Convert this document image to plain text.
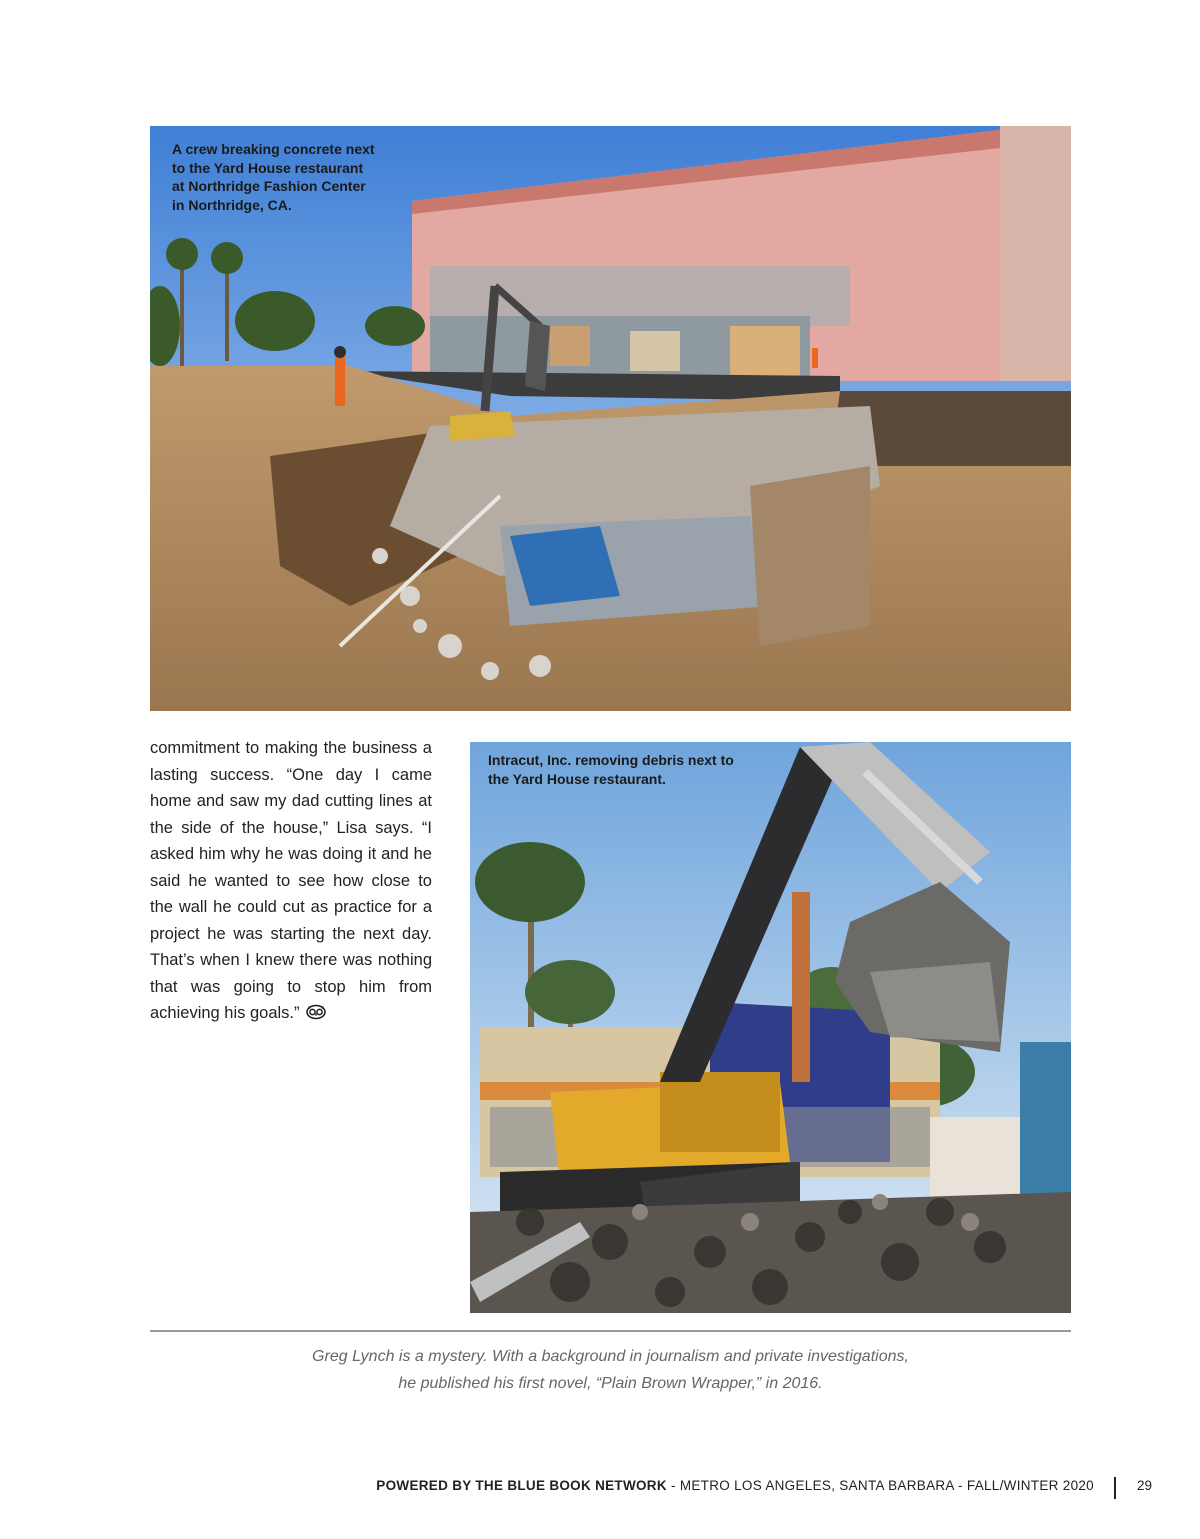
A crew breaking concrete next
to the Yard House restaurant
at Northridge Fashion Center
in Northridge, CA.
commitment to making the business a lasting success. “One day I came home and saw my dad cutting lines at the side of the house,” Lisa says. “I asked him why he was doing it and he said he wanted to see how close to the wall he could cut as practice for a project he was starting the next day. That’s when I knew there was nothing that was going to stop him from achieving his goals.”
Intracut, Inc. removing debris next to
the Yard House restaurant.
Greg Lynch is a mystery. With a background in journalism and private investigations,
he published his first novel, “Plain Brown Wrapper,” in 2016.
POWERED BY THE BLUE BOOK NETWORK - METRO LOS ANGELES, SANTA BARBARA - FALL/WINTER 2020	29
